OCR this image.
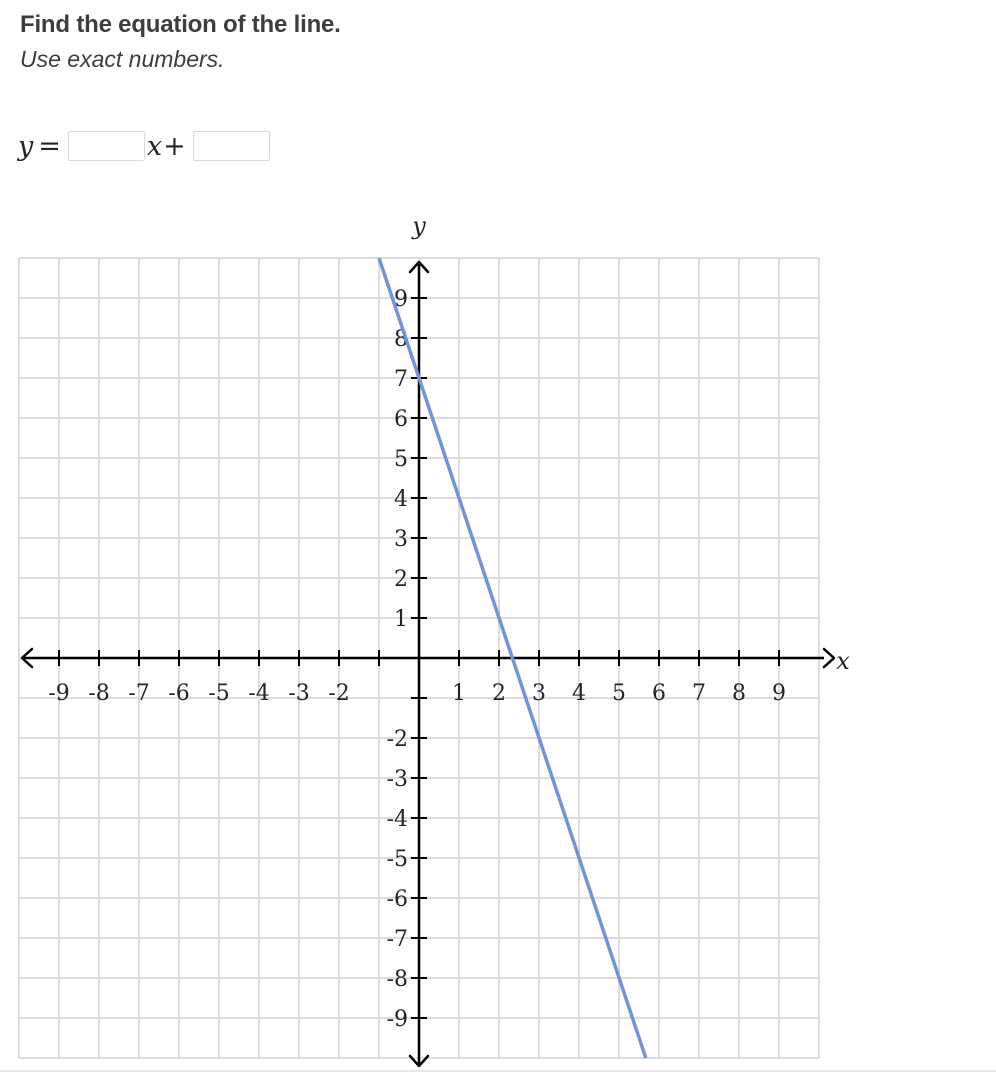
Find the equation of the line.
Use exact numbers.
y =	x +
-9 -8 -7 -6 -5 -4 -3 -2	1 2 3 4 5 6 7 8 9
9
8
7
6
5
4
3
2
1
-2
-3
-4
-5
-6
-7
-8
-9
x
y
